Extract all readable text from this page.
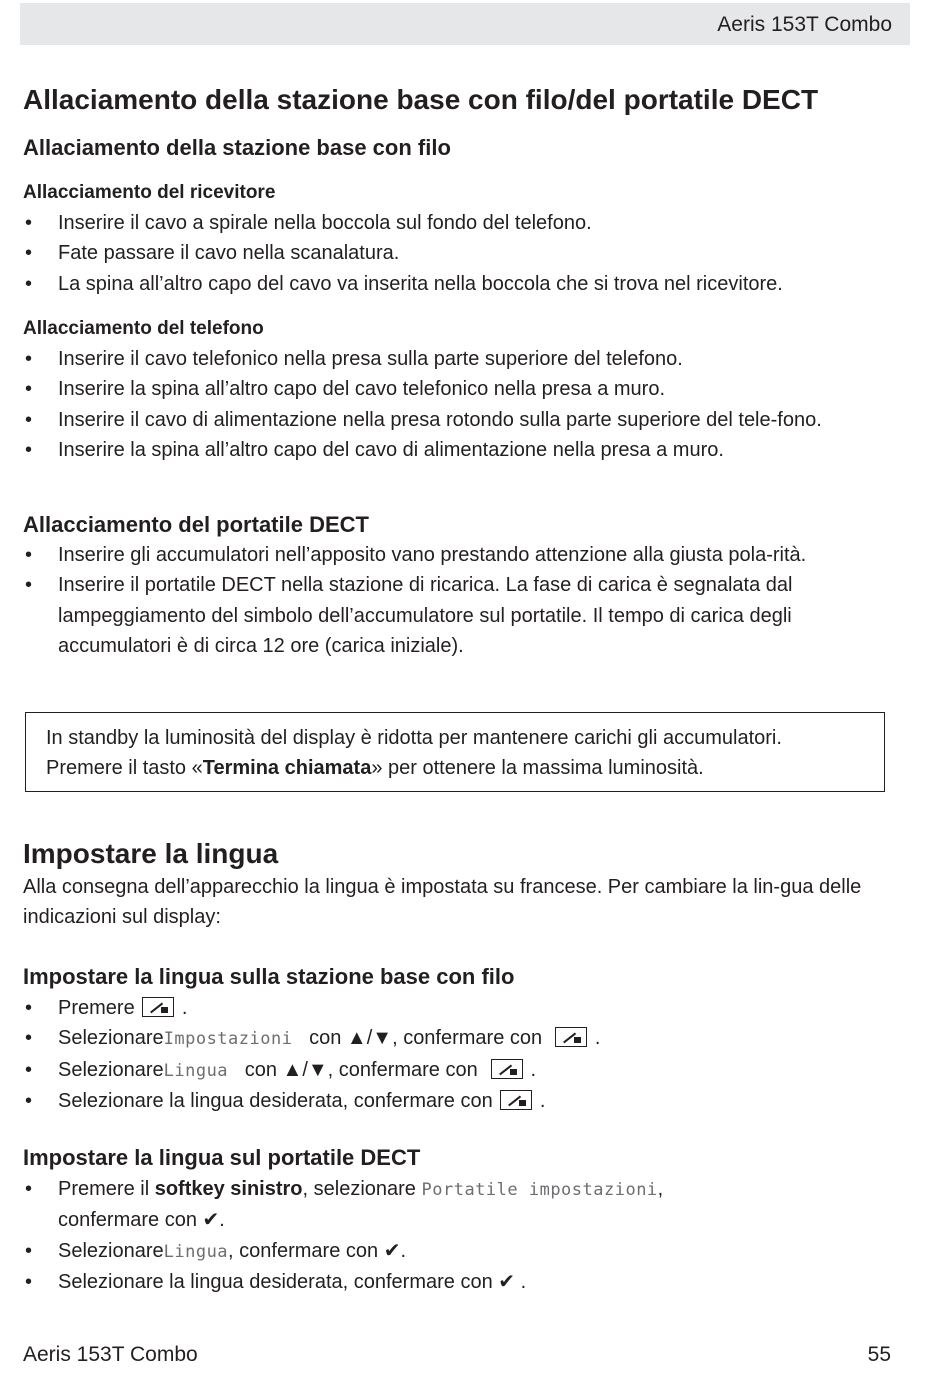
Aeris 153T Combo
Allaciamento della stazione base con filo/del portatile DECT
Allaciamento della stazione base con filo
Allacciamento del ricevitore
• Inserire il cavo a spirale nella boccola sul fondo del telefono.
• Fate passare il cavo nella scanalatura.
• La spina all’altro capo del cavo va inserita nella boccola che si trova nel ricevitore.
Allacciamento del telefono
• Inserire il cavo telefonico nella presa sulla parte superiore del telefono.
• Inserire la spina all’altro capo del cavo telefonico nella presa a muro.
• Inserire il cavo di alimentazione nella presa rotondo sulla parte superiore del tele-fono.
• Inserire la spina all’altro capo del cavo di alimentazione nella presa a muro.
Allacciamento del portatile DECT
• Inserire gli accumulatori nell’apposito vano prestando attenzione alla giusta pola-rità.
• Inserire il portatile DECT nella stazione di ricarica. La fase di carica è segnalata dal lampeggiamento del simbolo dell’accumulatore sul portatile. Il tempo di carica degli accumulatori è di circa 12 ore (carica iniziale).
In standby la luminosità del display è ridotta per mantenere carichi gli accumulatori.
Premere il tasto «Termina chiamata» per ottenere la massima luminosità.
Impostare la lingua

Alla consegna dell’apparecchio la lingua è impostata su francese. Per cambiare la lin-gua delle indicazioni sul display:

Impostare la lingua sulla stazione base con filo
• Premere .
• SelezionareImpostazioni con ▲/▼, confermare con	.
• SelezionareLingua con ▲/▼, confermare con	.
• Selezionare la lingua desiderata, confermare con .
Impostare la lingua sul portatile DECT
• Premere il softkey sinistro, selezionare Portatile impostazioni,
confermare con ✔.
• SelezionareLingua, confermare con ✔.
• Selezionare la lingua desiderata, confermare con ✔ .
Aeris 153T Combo	55
